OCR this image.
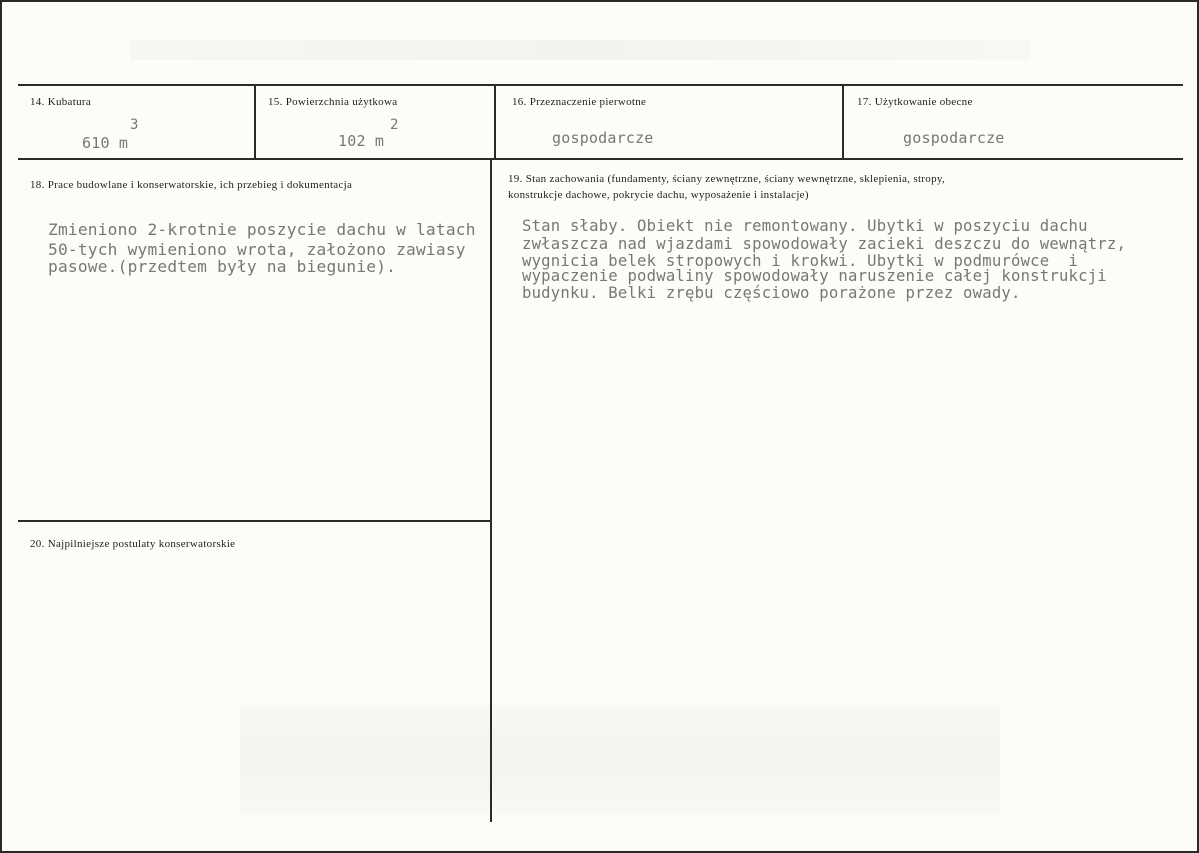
14. Kubatura
610 m
3
15. Powierzchnia użytkowa
102 m
2
16. Przeznaczenie pierwotne
gospodarcze
17. Użytkowanie obecne
gospodarcze
18. Prace budowlane i konserwatorskie, ich przebieg i dokumentacja
Zmieniono 2-krotnie poszycie dachu w latach
50-tych wymieniono wrota, założono zawiasy
pasowe.(przedtem były na biegunie).
19. Stan zachowania (fundamenty, ściany zewnętrzne, ściany wewnętrzne, sklepienia, stropy,
konstrukcje dachowe, pokrycie dachu, wyposażenie i instalacje)
Stan słaby. Obiekt nie remontowany. Ubytki w poszyciu dachu
zwłaszcza nad wjazdami spowodowały zacieki deszczu do wewnątrz,
wygnicia belek stropowych i krokwi. Ubytki w podmurówce  i
wypaczenie podwaliny spowodowały naruszenie całej konstrukcji
budynku. Belki zrębu częściowo porażone przez owady.
20. Najpilniejsze postulaty konserwatorskie
